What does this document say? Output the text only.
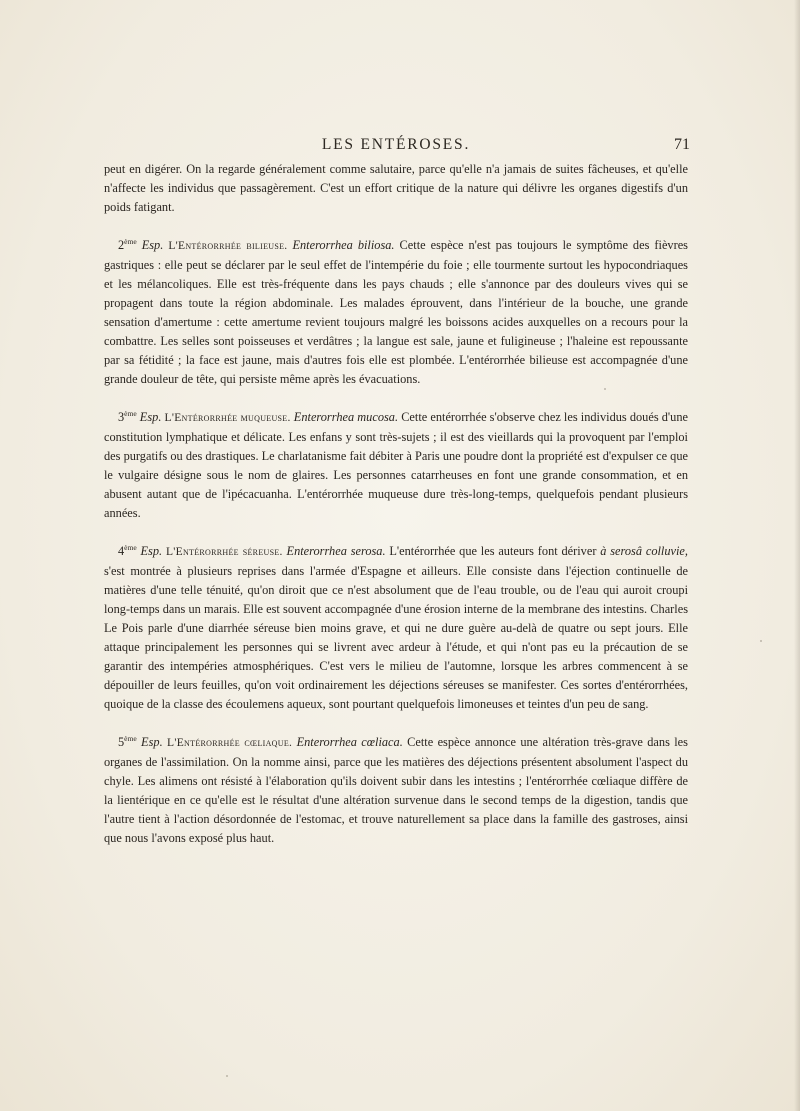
LES ENTÉROSES.	71

peut en digérer. On la regarde généralement comme salutaire, parce qu'elle n'a jamais de suites fâcheuses, et qu'elle n'affecte les individus que passagèrement. C'est un effort critique de la nature qui délivre les organes digestifs d'un poids fatigant.

2ème Esp. L'Entérorrhée bilieuse. Enterorrhea biliosa. Cette espèce n'est pas toujours le symptôme des fièvres gastriques : elle peut se déclarer par le seul effet de l'intempérie du foie ; elle tourmente surtout les hypocondriaques et les mélancoliques. Elle est très-fréquente dans les pays chauds ; elle s'annonce par des douleurs vives qui se propagent dans toute la région abdominale. Les malades éprouvent, dans l'intérieur de la bouche, une grande sensation d'amertume : cette amertume revient toujours malgré les boissons acides auxquelles on a recours pour la combattre. Les selles sont poisseuses et verdâtres ; la langue est sale, jaune et fuligineuse ; l'haleine est repoussante par sa fétidité ; la face est jaune, mais d'autres fois elle est plombée. L'entérorrhée bilieuse est accompagnée d'une grande douleur de tête, qui persiste même après les évacuations.

3ème Esp. L'Entérorrhée muqueuse. Enterorrhea mucosa. Cette entérorrhée s'observe chez les individus doués d'une constitution lymphatique et délicate. Les enfans y sont très-sujets ; il est des vieillards qui la provoquent par l'emploi des purgatifs ou des drastiques. Le charlatanisme fait débiter à Paris une poudre dont la propriété est d'expulser ce que le vulgaire désigne sous le nom de glaires. Les personnes catarrheuses en font une grande consommation, et en abusent autant que de l'ipécacuanha. L'entérorrhée muqueuse dure très-long-temps, quelquefois pendant plusieurs années.

4ème Esp. L'Entérorrhée séreuse. Enterorrhea serosa. L'entérorrhée que les auteurs font dériver à serosâ colluvie, s'est montrée à plusieurs reprises dans l'armée d'Espagne et ailleurs. Elle consiste dans l'éjection continuelle de matières d'une telle ténuité, qu'on diroit que ce n'est absolument que de l'eau trouble, ou de l'eau qui auroit croupi long-temps dans un marais. Elle est souvent accompagnée d'une érosion interne de la membrane des intestins. Charles Le Pois parle d'une diarrhée séreuse bien moins grave, et qui ne dure guère au-delà de quatre ou sept jours. Elle attaque principalement les personnes qui se livrent avec ardeur à l'étude, et qui n'ont pas eu la précaution de se garantir des intempéries atmosphériques. C'est vers le milieu de l'automne, lorsque les arbres commencent à se dépouiller de leurs feuilles, qu'on voit ordinairement les déjections séreuses se manifester. Ces sortes d'entérorrhées, quoique de la classe des écoulemens aqueux, sont pourtant quelquefois limoneuses et teintes d'un peu de sang.

5ème Esp. L'Entérorrhée cœliaque. Enterorrhea cœliaca. Cette espèce annonce une altération très-grave dans les organes de l'assimilation. On la nomme ainsi, parce que les matières des déjections présentent absolument l'aspect du chyle. Les alimens ont résisté à l'élaboration qu'ils doivent subir dans les intestins ; l'entérorrhée cœliaque diffère de la lientérique en ce qu'elle est le résultat d'une altération survenue dans le second temps de la digestion, tandis que l'autre tient à l'action désordonnée de l'estomac, et trouve naturellement sa place dans la famille des gastroses, ainsi que nous l'avons exposé plus haut.
